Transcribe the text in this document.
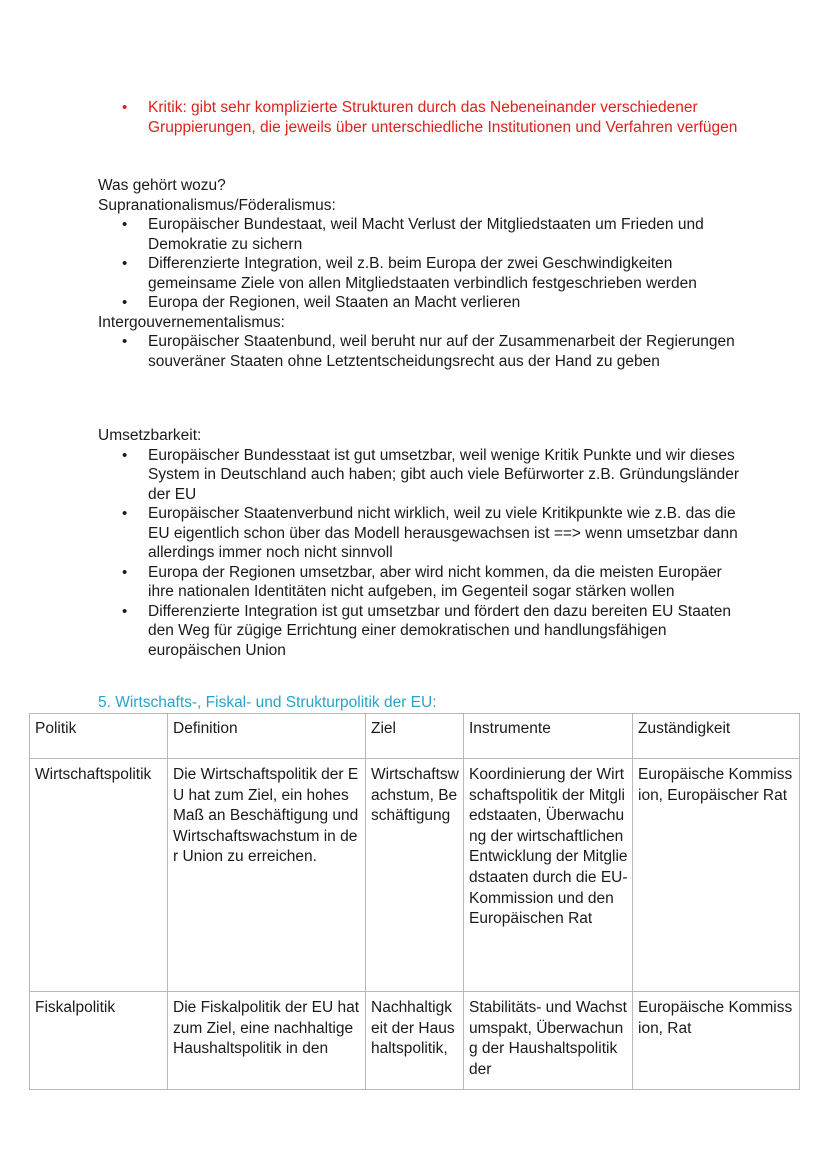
• Kritik: gibt sehr komplizierte Strukturen durch das Nebeneinander verschiedener Gruppierungen, die jeweils über unterschiedliche Institutionen und Verfahren verfügen
Was gehört wozu?
Supranationalismus/Föderalismus:
• Europäischer Bundestaat, weil Macht Verlust der Mitgliedstaaten um Frieden und Demokratie zu sichern
• Differenzierte Integration, weil z.B. beim Europa der zwei Geschwindigkeiten gemeinsame Ziele von allen Mitgliedstaaten verbindlich festgeschrieben werden
• Europa der Regionen, weil Staaten an Macht verlieren
Intergouvernementalismus:
• Europäischer Staatenbund, weil beruht nur auf der Zusammenarbeit der Regierungen souveräner Staaten ohne Letztentscheidungsrecht aus der Hand zu geben
Umsetzbarkeit:
• Europäischer Bundesstaat ist gut umsetzbar, weil wenige Kritik Punkte und wir dieses System in Deutschland auch haben; gibt auch viele Befürworter z.B. Gründungsländer der EU
• Europäischer Staatenverbund nicht wirklich, weil zu viele Kritikpunkte wie z.B. das die EU eigentlich schon über das Modell herausgewachsen ist ==> wenn umsetzbar dann allerdings immer noch nicht sinnvoll
• Europa der Regionen umsetzbar, aber wird nicht kommen, da die meisten Europäer ihre nationalen Identitäten nicht aufgeben, im Gegenteil sogar stärken wollen
• Differenzierte Integration ist gut umsetzbar und fördert den dazu bereiten EU Staaten den Weg für zügige Errichtung einer demokratischen und handlungsfähigen europäischen Union
5. Wirtschafts-, Fiskal- und Strukturpolitik der EU:
Politik	Definition	Ziel	Instrumente	Zuständigkeit
Wirtschaftspolitik	Die Wirtschaftspolitik der EU hat zum Ziel, ein hohes Maß an Beschäftigung und Wirtschaftswachstum in der Union zu erreichen.	Wirtschaftswachstum, Beschäftigung	Koordinierung der Wirtschaftspolitik der Mitgliedstaaten, Überwachung der wirtschaftlichen Entwicklung der Mitgliedstaaten durch die EU-Kommission und den Europäischen Rat	Europäische Kommission, Europäischer Rat
Fiskalpolitik	Die Fiskalpolitik der EU hat zum Ziel, eine nachhaltige Haushaltspolitik in den	Nachhaltigkeit der Haushaltspolitik,	Stabilitäts- und Wachstumspakt, Überwachung der Haushaltspolitik der	Europäische Kommission, Rat
